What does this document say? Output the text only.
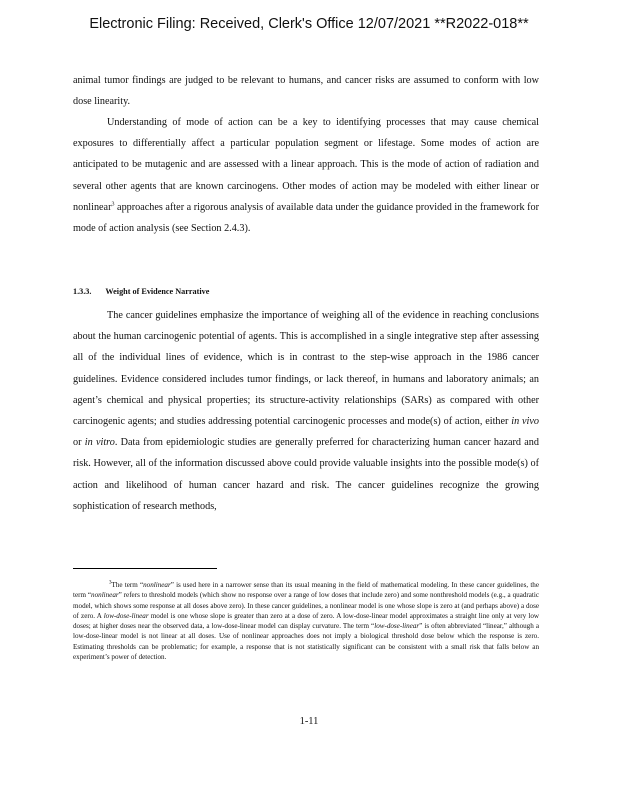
Electronic Filing: Received, Clerk's Office 12/07/2021 **R2022-018**

animal tumor findings are judged to be relevant to humans, and cancer risks are assumed to conform with low dose linearity.

Understanding of mode of action can be a key to identifying processes that may cause chemical exposures to differentially affect a particular population segment or lifestage. Some modes of action are anticipated to be mutagenic and are assessed with a linear approach. This is the mode of action of radiation and several other agents that are known carcinogens. Other modes of action may be modeled with either linear or nonlinear$^3$ approaches after a rigorous analysis of available data under the guidance provided in the framework for mode of action analysis (see Section 2.4.3).

1.3.3. Weight of Evidence Narrative

The cancer guidelines emphasize the importance of weighing all of the evidence in reaching conclusions about the human carcinogenic potential of agents. This is accomplished in a single integrative step after assessing all of the individual lines of evidence, which is in contrast to the step-wise approach in the 1986 cancer guidelines. Evidence considered includes tumor findings, or lack thereof, in humans and laboratory animals; an agent’s chemical and physical properties; its structure-activity relationships (SARs) as compared with other carcinogenic agents; and studies addressing potential carcinogenic processes and mode(s) of action, either in vivo or in vitro. Data from epidemiologic studies are generally preferred for characterizing human cancer hazard and risk. However, all of the information discussed above could provide valuable insights into the possible mode(s) of action and likelihood of human cancer hazard and risk. The cancer guidelines recognize the growing sophistication of research methods,

$^3$The term “nonlinear” is used here in a narrower sense than its usual meaning in the field of mathematical modeling. In these cancer guidelines, the term “nonlinear” refers to threshold models (which show no response over a range of low doses that include zero) and some nonthreshold models (e.g., a quadratic model, which shows some response at all doses above zero). In these cancer guidelines, a nonlinear model is one whose slope is zero at (and perhaps above) a dose of zero. A low-dose-linear model is one whose slope is greater than zero at a dose of zero. A low-dose-linear model approximates a straight line only at very low doses; at higher doses near the observed data, a low-dose-linear model can display curvature. The term “low-dose-linear” is often abbreviated “linear,” although a low-dose-linear model is not linear at all doses. Use of nonlinear approaches does not imply a biological threshold dose below which the response is zero. Estimating thresholds can be problematic; for example, a response that is not statistically significant can be consistent with a small risk that falls below an experiment’s power of detection.

1-11
